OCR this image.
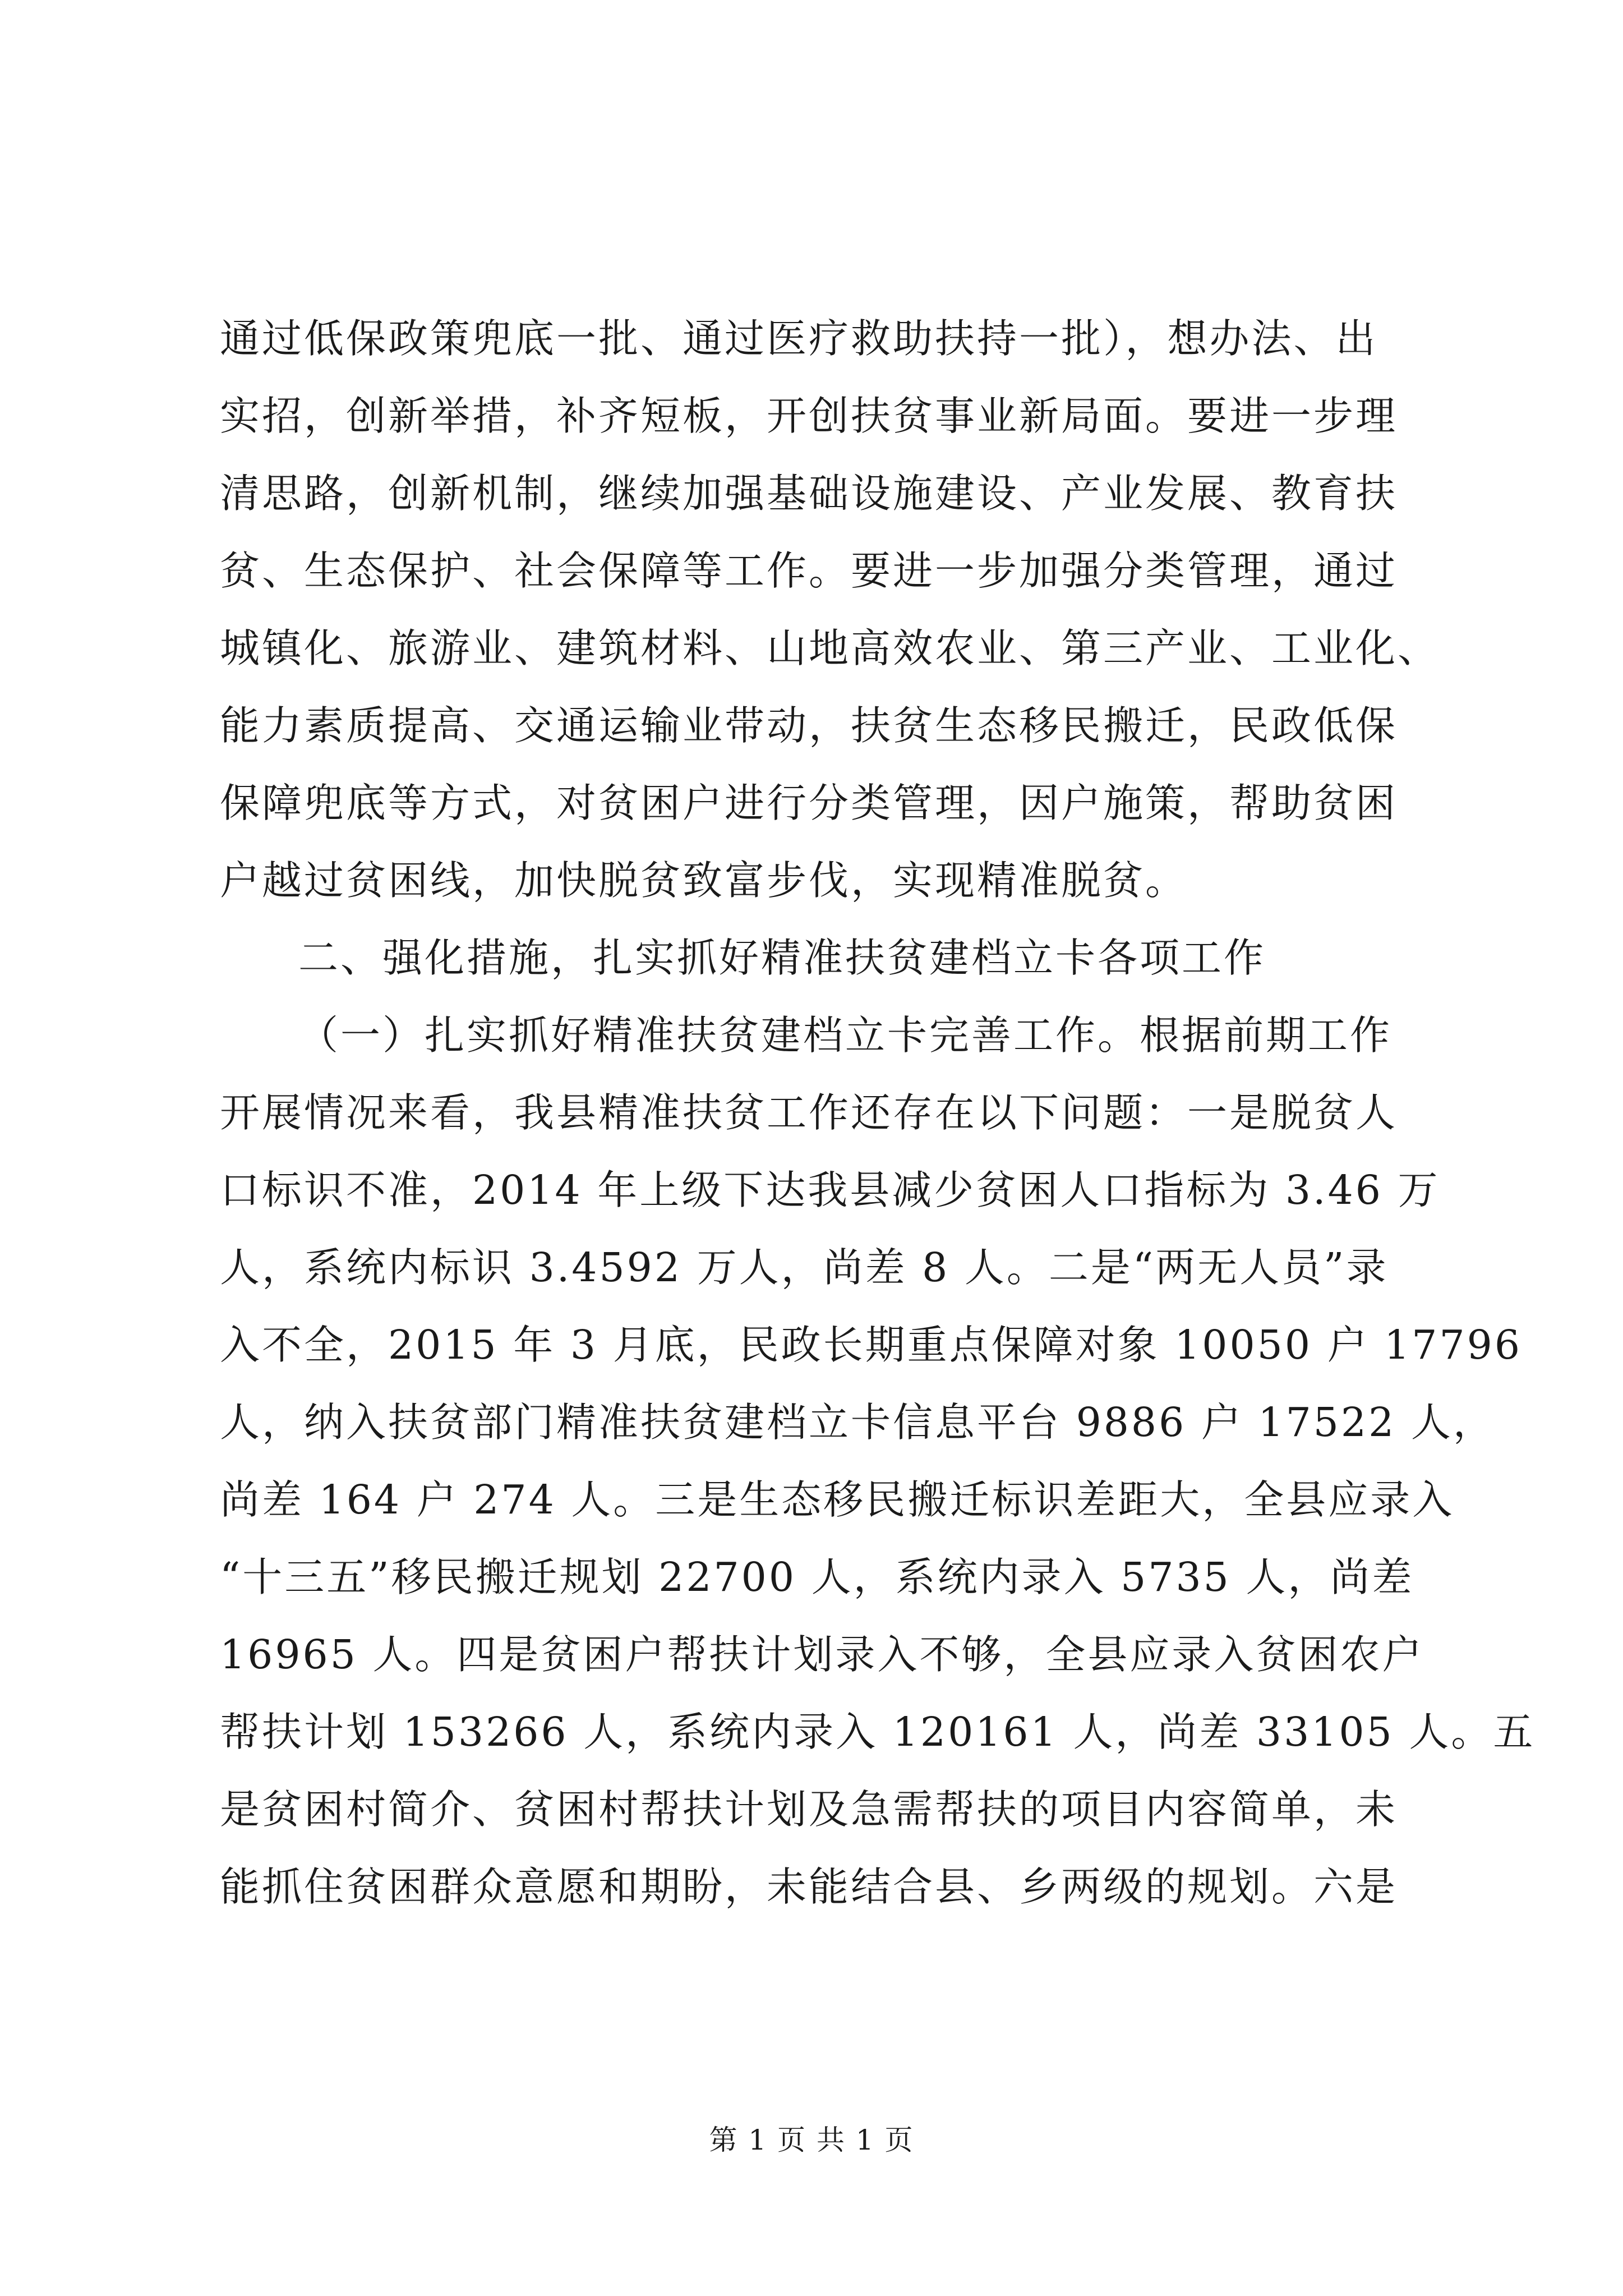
通过低保政策兜底一批、通过医疗救助扶持一批），想办法、出
实招，创新举措，补齐短板，开创扶贫事业新局面。要进一步理
清思路，创新机制，继续加强基础设施建设、产业发展、教育扶
贫、生态保护、社会保障等工作。要进一步加强分类管理，通过
城镇化、旅游业、建筑材料、山地高效农业、第三产业、工业化、
能力素质提高、交通运输业带动，扶贫生态移民搬迁，民政低保
保障兜底等方式，对贫困户进行分类管理，因户施策，帮助贫困
户越过贫困线，加快脱贫致富步伐，实现精准脱贫。
二、强化措施，扎实抓好精准扶贫建档立卡各项工作
（一）扎实抓好精准扶贫建档立卡完善工作。根据前期工作
开展情况来看，我县精准扶贫工作还存在以下问题：一是脱贫人
口标识不准，2014 年上级下达我县减少贫困人口指标为 3.46 万
人，系统内标识 3.4592 万人，尚差 8 人。二是“两无人员”录
入不全，2015 年 3 月底，民政长期重点保障对象 10050 户 17796
人，纳入扶贫部门精准扶贫建档立卡信息平台 9886 户 17522 人，
尚差 164 户 274 人。三是生态移民搬迁标识差距大，全县应录入
“十三五”移民搬迁规划 22700 人，系统内录入 5735 人，尚差
16965 人。四是贫困户帮扶计划录入不够，全县应录入贫困农户
帮扶计划 153266 人，系统内录入 120161 人，尚差 33105 人。五
是贫困村简介、贫困村帮扶计划及急需帮扶的项目内容简单，未
能抓住贫困群众意愿和期盼，未能结合县、乡两级的规划。六是
第 1 页 共 1 页
